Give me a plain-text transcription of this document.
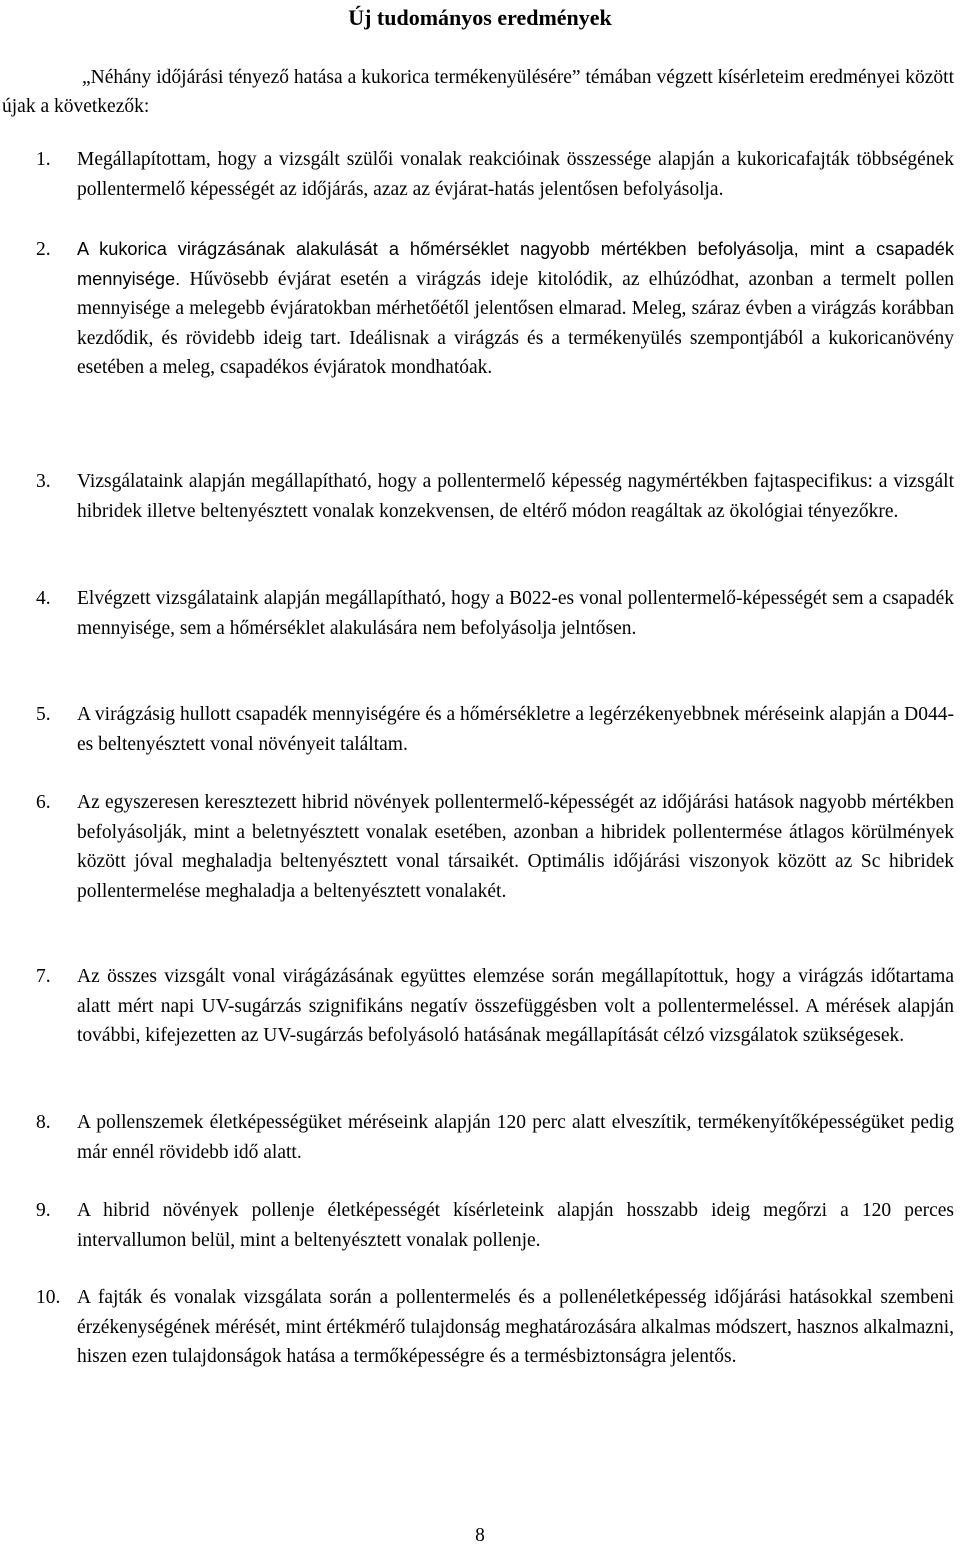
Új tudományos eredmények

„Néhány időjárási tényező hatása a kukorica termékenyülésére” témában végzett kísérleteim eredményei között újak a következők:

1.	Megállapítottam, hogy a vizsgált szülői vonalak reakcióinak összessége alapján a kukoricafajták többségének pollentermelő képességét az időjárás, azaz az évjárat-hatás jelentősen befolyásolja.

2.	A kukorica virágzásának alakulását a hőmérséklet nagyobb mértékben befolyásolja, mint a csapadék mennyisége. Hűvösebb évjárat esetén a virágzás ideje kitolódik, az elhúzódhat, azonban a termelt pollen mennyisége a melegebb évjáratokban mérhetőétől jelentősen elmarad. Meleg, száraz évben a virágzás korábban kezdődik, és rövidebb ideig tart. Ideálisnak a virágzás és a termékenyülés szempontjából a kukoricanövény esetében a meleg, csapadékos évjáratok mondhatóak.

3.	Vizsgálataink alapján megállapítható, hogy a pollentermelő képesség nagymértékben fajtaspecifikus: a vizsgált hibridek illetve beltenyésztett vonalak konzekvensen, de eltérő módon reagáltak az ökológiai tényezőkre.

4.	Elvégzett vizsgálataink alapján megállapítható, hogy a B022-es vonal pollentermelő-képességét sem a csapadék mennyisége, sem a hőmérséklet alakulására nem befolyásolja jelntősen.

5.	A virágzásig hullott csapadék mennyiségére és a hőmérsékletre a legérzékenyebbnek méréseink alapján a D044-es beltenyésztett vonal növényeit találtam.

6.	Az egyszeresen keresztezett hibrid növények pollentermelő-képességét az időjárási hatások nagyobb mértékben befolyásolják, mint a beletnyésztett vonalak esetében, azonban a hibridek pollentermése átlagos körülmények között jóval meghaladja beltenyésztett vonal társaikét. Optimális időjárási viszonyok között az Sc hibridek pollentermelése meghaladja a beltenyésztett vonalakét.

7.	Az összes vizsgált vonal virágázásának együttes elemzése során megállapítottuk, hogy a virágzás időtartama alatt mért napi UV-sugárzás szignifikáns negatív összefüggésben volt a pollentermeléssel. A mérések alapján további, kifejezetten az UV-sugárzás befolyásoló hatásának megállapítását célzó vizsgálatok szükségesek.

8.	A pollenszemek életképességüket méréseink alapján 120 perc alatt elveszítik, termékenyítőképességüket pedig már ennél rövidebb idő alatt.

9.	A hibrid növények pollenje életképességét kísérleteink alapján hosszabb ideig megőrzi a 120 perces intervallumon belül, mint a beltenyésztett vonalak pollenje.

10. A fajták és vonalak vizsgálata során a pollentermelés és a pollenéletképesség időjárási hatásokkal szembeni érzékenységének mérését, mint értékmérő tulajdonság meghatározására alkalmas módszert, hasznos alkalmazni, hiszen ezen tulajdonságok hatása a termőképességre és a termésbiztonságra jelentős.

8
